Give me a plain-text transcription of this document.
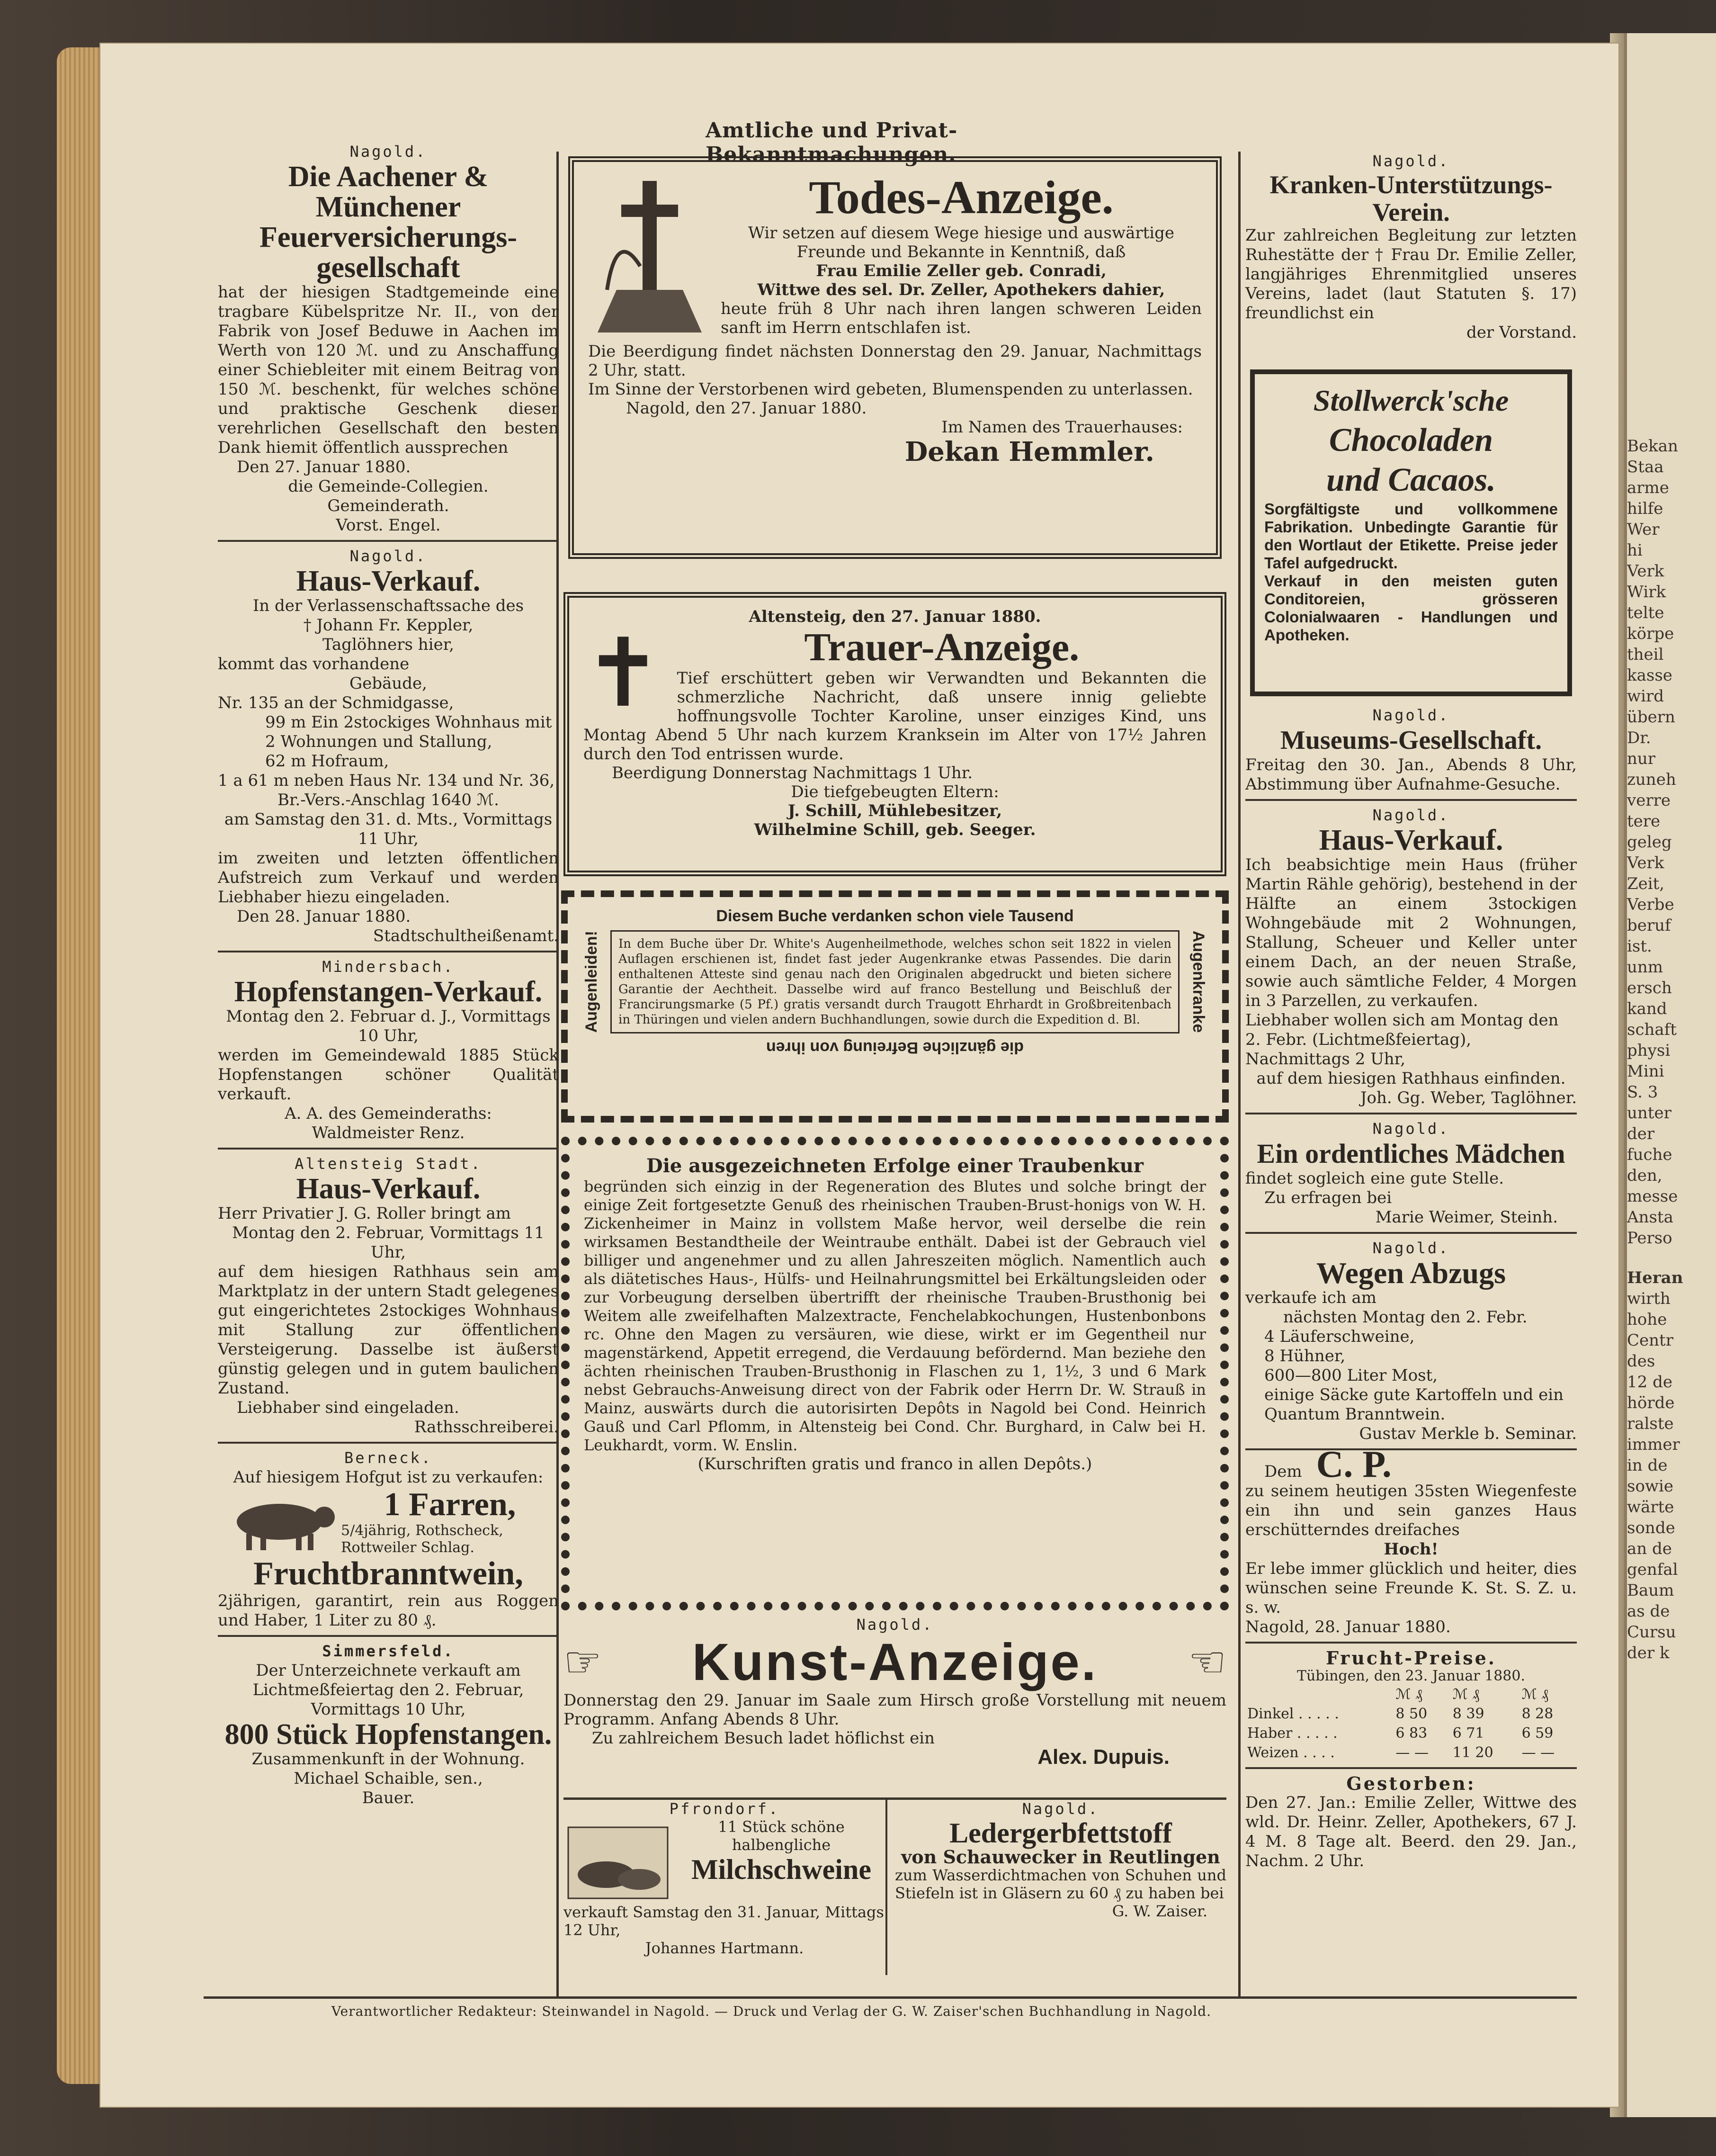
Bekan
Staa
arme
hilfe
Wer
hi
Verk
Wirk
telte
körpe
theil
kasse
wird
übern
Dr.
nur
zuneh
verre
tere
geleg
Verk
Zeit,
Verbe
beruf
ist.
unm
ersch
kand
schaft
physi
Mini
S. 3
unter
der
fuche
den,
messe
Ansta
Perso
Heran
wirth
hohe
Centr
des
12 de
hörde
ralste
immer
in de
sowie
wärte
sonde
an de
genfal
Baum
as de
Cursu
der k
Amtliche und Privat-Bekanntmachungen.
Nagold.
Die Aachener & Münchener Feuerversicherungs-gesellschaft
hat der hiesigen Stadtgemeinde eine tragbare Kübelspritze Nr. II., von der Fabrik von Josef Beduwe in Aachen im Werth von 120 ℳ. und zu Anschaffung einer Schiebleiter mit einem Beitrag von 150 ℳ. beschenkt, für welches schöne und praktische Geschenk dieser verehrlichen Gesellschaft den besten Dank hiemit öffentlich aussprechen
Den 27. Januar 1880.
die Gemeinde-Collegien.
Gemeinderath.
Vorst. Engel.
Nagold.
Haus-Verkauf.
In der Verlassenschaftssache des
† Johann Fr. Keppler,
Taglöhners hier,
kommt das vorhandene
Gebäude,
Nr. 135 an der Schmidgasse,
99 m Ein 2stockiges Wohnhaus mit 2 Wohnungen und Stallung,
62 m Hofraum,
1 a 61 m neben Haus Nr. 134 und Nr. 36,
Br.-Vers.-Anschlag 1640 ℳ.
am Samstag den 31. d. Mts., Vormittags 11 Uhr,
im zweiten und letzten öffentlichen Aufstreich zum Verkauf und werden Liebhaber hiezu eingeladen.
Den 28. Januar 1880.
Stadtschultheißenamt.
Mindersbach.
Hopfenstangen-Verkauf.
Montag den 2. Februar d. J., Vormittags 10 Uhr,
werden im Gemeindewald 1885 Stück Hopfenstangen schöner Qualität verkauft.
A. A. des Gemeinderaths:
Waldmeister Renz.
Altensteig Stadt.
Haus-Verkauf.
Herr Privatier J. G. Roller bringt am
Montag den 2. Februar, Vormittags 11 Uhr,
auf dem hiesigen Rathhaus sein am Marktplatz in der untern Stadt gelegenes gut eingerichtetes 2stockiges Wohnhaus mit Stallung zur öffentlichen Versteigerung. Dasselbe ist äußerst günstig gelegen und in gutem baulichen Zustand.
Liebhaber sind eingeladen.
Rathsschreiberei.
Berneck.
Auf hiesigem Hofgut ist zu verkaufen:
1 Farren,
5/4jährig, Rothscheck, Rottweiler Schlag.
Fruchtbranntwein,
2jährigen, garantirt, rein aus Roggen und Haber, 1 Liter zu 80 ₰.
Simmersfeld.
Der Unterzeichnete verkauft am Lichtmeßfeiertag den 2. Februar, Vormittags 10 Uhr,
800 Stück Hopfenstangen.
Zusammenkunft in der Wohnung.
Michael Schaible, sen.,
Bauer.
Todes-Anzeige.
Wir setzen auf diesem Wege hiesige und auswärtige Freunde und Bekannte in Kenntniß, daß
Frau Emilie Zeller geb. Conradi,
Wittwe des sel. Dr. Zeller, Apothekers dahier,
heute früh 8 Uhr nach ihren langen schweren Leiden sanft im Herrn entschlafen ist.
Die Beerdigung findet nächsten Donnerstag den 29. Januar, Nachmittags 2 Uhr, statt.
Im Sinne der Verstorbenen wird gebeten, Blumenspenden zu unterlassen.
Nagold, den 27. Januar 1880.
Im Namen des Trauerhauses:
Dekan Hemmler.
Altensteig, den 27. Januar 1880.
✝	Trauer-Anzeige.
Tief erschüttert geben wir Verwandten und Bekannten die schmerzliche Nachricht, daß unsere innig geliebte hoffnungsvolle Tochter Karoline, unser einziges Kind, uns Montag Abend 5 Uhr nach kurzem Kranksein im Alter von 17½ Jahren durch den Tod entrissen wurde.
Beerdigung Donnerstag Nachmittags 1 Uhr.
Die tiefgebeugten Eltern:
J. Schill, Mühlebesitzer,
Wilhelmine Schill, geb. Seeger.
Diesem Buche verdanken schon viele Tausend
Augenleiden!	In dem Buche über Dr. White's Augenheilmethode, welches schon seit 1822 in vielen Auflagen erschienen ist, findet fast jeder Augenkranke etwas Passendes. Die darin enthaltenen Atteste sind genau nach den Originalen abgedruckt und bieten sichere Garantie der Aechtheit. Dasselbe wird auf franco Bestellung und Beischluß der Francirungsmarke (5 Pf.) gratis versandt durch Traugott Ehrhardt in Großbreitenbach in Thüringen und vielen andern Buchhandlungen, sowie durch die Expedition d. Bl.	Augenkranke
die gänzliche Befreiung von ihren
Die ausgezeichneten Erfolge einer Traubenkur
begründen sich einzig in der Regeneration des Blutes und solche bringt der einige Zeit fortgesetzte Genuß des rheinischen Trauben-Brust-honigs von W. H. Zickenheimer in Mainz in vollstem Maße hervor, weil derselbe die rein wirksamen Bestandtheile der Weintraube enthält. Dabei ist der Gebrauch viel billiger und angenehmer und zu allen Jahreszeiten möglich. Namentlich auch als diätetisches Haus-, Hülfs- und Heilnahrungsmittel bei Erkältungsleiden oder zur Vorbeugung derselben übertrifft der rheinische Trauben-Brusthonig bei Weitem alle zweifelhaften Malzextracte, Fenchelabkochungen, Hustenbonbons rc. Ohne den Magen zu versäuren, wie diese, wirkt er im Gegentheil nur magenstärkend, Appetit erregend, die Verdauung befördernd. Man beziehe den ächten rheinischen Trauben-Brusthonig in Flaschen zu 1, 1½, 3 und 6 Mark nebst Gebrauchs-Anweisung direct von der Fabrik oder Herrn Dr. W. Strauß in Mainz, auswärts durch die autorisirten Depôts in Nagold bei Cond. Heinrich Gauß und Carl Pflomm, in Altensteig bei Cond. Chr. Burghard, in Calw bei H. Leukhardt, vorm. W. Enslin.
(Kurschriften gratis und franco in allen Depôts.)
Nagold.
☞ Kunst-Anzeige. ☜
Donnerstag den 29. Januar im Saale zum Hirsch große Vorstellung mit neuem Programm. Anfang Abends 8 Uhr.
Zu zahlreichem Besuch ladet höflichst ein
Alex. Dupuis.
Pfrondorf.
11 Stück schöne halbengliche
Milchschweine
verkauft Samstag den 31. Januar, Mittags 12 Uhr,
Johannes Hartmann.
Nagold.
Ledergerbfettstoff
von Schauwecker in Reutlingen
zum Wasserdichtmachen von Schuhen und Stiefeln ist in Gläsern zu 60 ₰ zu haben bei
G. W. Zaiser.
Nagold.
Kranken-Unterstützungs-Verein.
Zur zahlreichen Begleitung zur letzten Ruhestätte der † Frau Dr. Emilie Zeller, langjähriges Ehrenmitglied unseres Vereins, ladet (laut Statuten §. 17) freundlichst ein
der Vorstand.
Stollwerck'sche
Chocoladen
und Cacaos.
Sorgfältigste und vollkommene Fabrikation. Unbedingte Garantie für den Wortlaut der Etikette. Preise jeder Tafel aufgedruckt.
Verkauf in den meisten guten Conditoreien, grösseren Colonialwaaren - Handlungen und Apotheken.
Nagold.
Museums-Gesellschaft.
Freitag den 30. Jan., Abends 8 Uhr, Abstimmung über Aufnahme-Gesuche.
Nagold.
Haus-Verkauf.
Ich beabsichtige mein Haus (früher Martin Rähle gehörig), bestehend in der Hälfte an einem 3stockigen Wohngebäude mit 2 Wohnungen, Stallung, Scheuer und Keller unter einem Dach, an der neuen Straße, sowie auch sämtliche Felder, 4 Morgen in 3 Parzellen, zu verkaufen.
Liebhaber wollen sich am Montag den 2. Febr. (Lichtmeßfeiertag), Nachmittags 2 Uhr,
auf dem hiesigen Rathhaus einfinden.
Joh. Gg. Weber, Taglöhner.
Nagold.
Ein ordentliches Mädchen
findet sogleich eine gute Stelle.
Zu erfragen bei
Marie Weimer, Steinh.
Nagold.
Wegen Abzugs
verkaufe ich am
nächsten Montag den 2. Febr.
4 Läuferschweine,
8 Hühner,
600—800 Liter Most,
einige Säcke gute Kartoffeln und ein Quantum Branntwein.
Gustav Merkle b. Seminar.
Dem C. P.
zu seinem heutigen 35sten Wiegenfeste ein ihn und sein ganzes Haus erschütterndes dreifaches
Hoch!
Er lebe immer glücklich und heiter, dies wünschen seine Freunde K. St. S. Z. u. s. w.
Nagold, 28. Januar 1880.
Frucht-Preise.
Tübingen, den 23. Januar 1880.
	ℳ ₰	ℳ ₰	ℳ ₰
Dinkel . . . . .	8 50	8 39	8 28
Haber . . . . .	6 83	6 71	6 59
Weizen . . . .	— —	11 20	— —
Gestorben:
Den 27. Jan.: Emilie Zeller, Wittwe des wld. Dr. Heinr. Zeller, Apothekers, 67 J. 4 M. 8 Tage alt. Beerd. den 29. Jan., Nachm. 2 Uhr.
Verantwortlicher Redakteur: Steinwandel in Nagold. — Druck und Verlag der G. W. Zaiser'schen Buchhandlung in Nagold.
